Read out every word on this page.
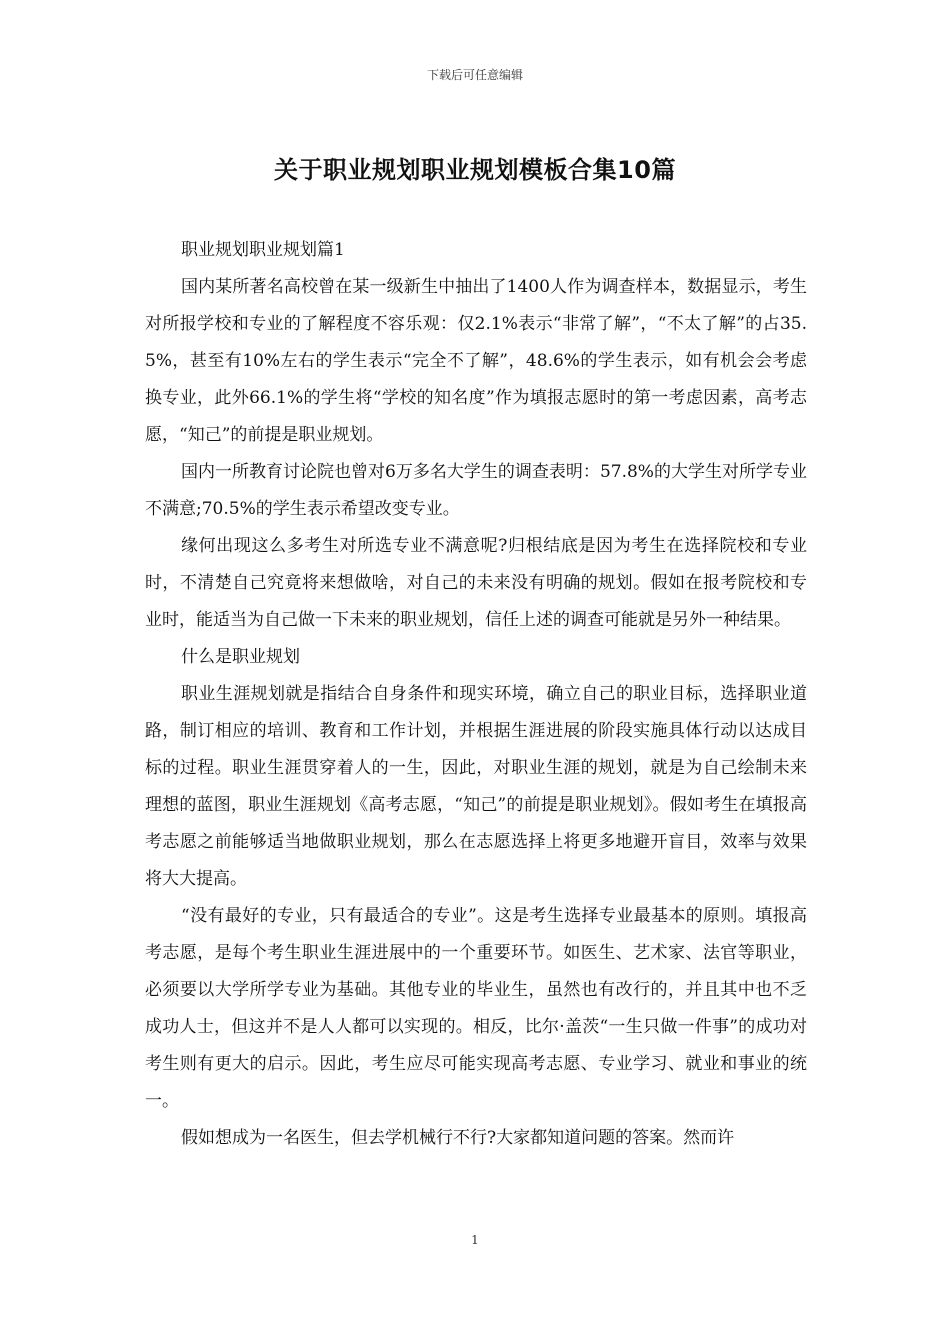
下载后可任意编辑
关于职业规划职业规划模板合集10篇

职业规划职业规划篇1

国内某所著名高校曾在某一级新生中抽出了1400人作为调查样本，数据显示，考生对所报学校和专业的了解程度不容乐观：仅2.1%表示“非常了解”，“不太了解”的占35.5%，甚至有10%左右的学生表示“完全不了解”，48.6%的学生表示，如有机会会考虑换专业，此外66.1%的学生将“学校的知名度”作为填报志愿时的第一考虑因素，高考志愿，“知己”的前提是职业规划。

国内一所教育讨论院也曾对6万多名大学生的调查表明：57.8%的大学生对所学专业不满意;70.5%的学生表示希望改变专业。

缘何出现这么多考生对所选专业不满意呢?归根结底是因为考生在选择院校和专业时，不清楚自己究竟将来想做啥，对自己的未来没有明确的规划。假如在报考院校和专业时，能适当为自己做一下未来的职业规划，信任上述的调查可能就是另外一种结果。

什么是职业规划

职业生涯规划就是指结合自身条件和现实环境，确立自己的职业目标，选择职业道路，制订相应的培训、教育和工作计划，并根据生涯进展的阶段实施具体行动以达成目标的过程。职业生涯贯穿着人的一生，因此，对职业生涯的规划，就是为自己绘制未来理想的蓝图，职业生涯规划《高考志愿，“知己”的前提是职业规划》。假如考生在填报高考志愿之前能够适当地做职业规划，那么在志愿选择上将更多地避开盲目，效率与效果将大大提高。

“没有最好的专业，只有最适合的专业”。这是考生选择专业最基本的原则。填报高考志愿，是每个考生职业生涯进展中的一个重要环节。如医生、艺术家、法官等职业，必须要以大学所学专业为基础。其他专业的毕业生，虽然也有改行的，并且其中也不乏成功人士，但这并不是人人都可以实现的。相反，比尔·盖茨“一生只做一件事”的成功对考生则有更大的启示。因此，考生应尽可能实现高考志愿、专业学习、就业和事业的统一。

假如想成为一名医生，但去学机械行不行?大家都知道问题的答案。然而许

1
